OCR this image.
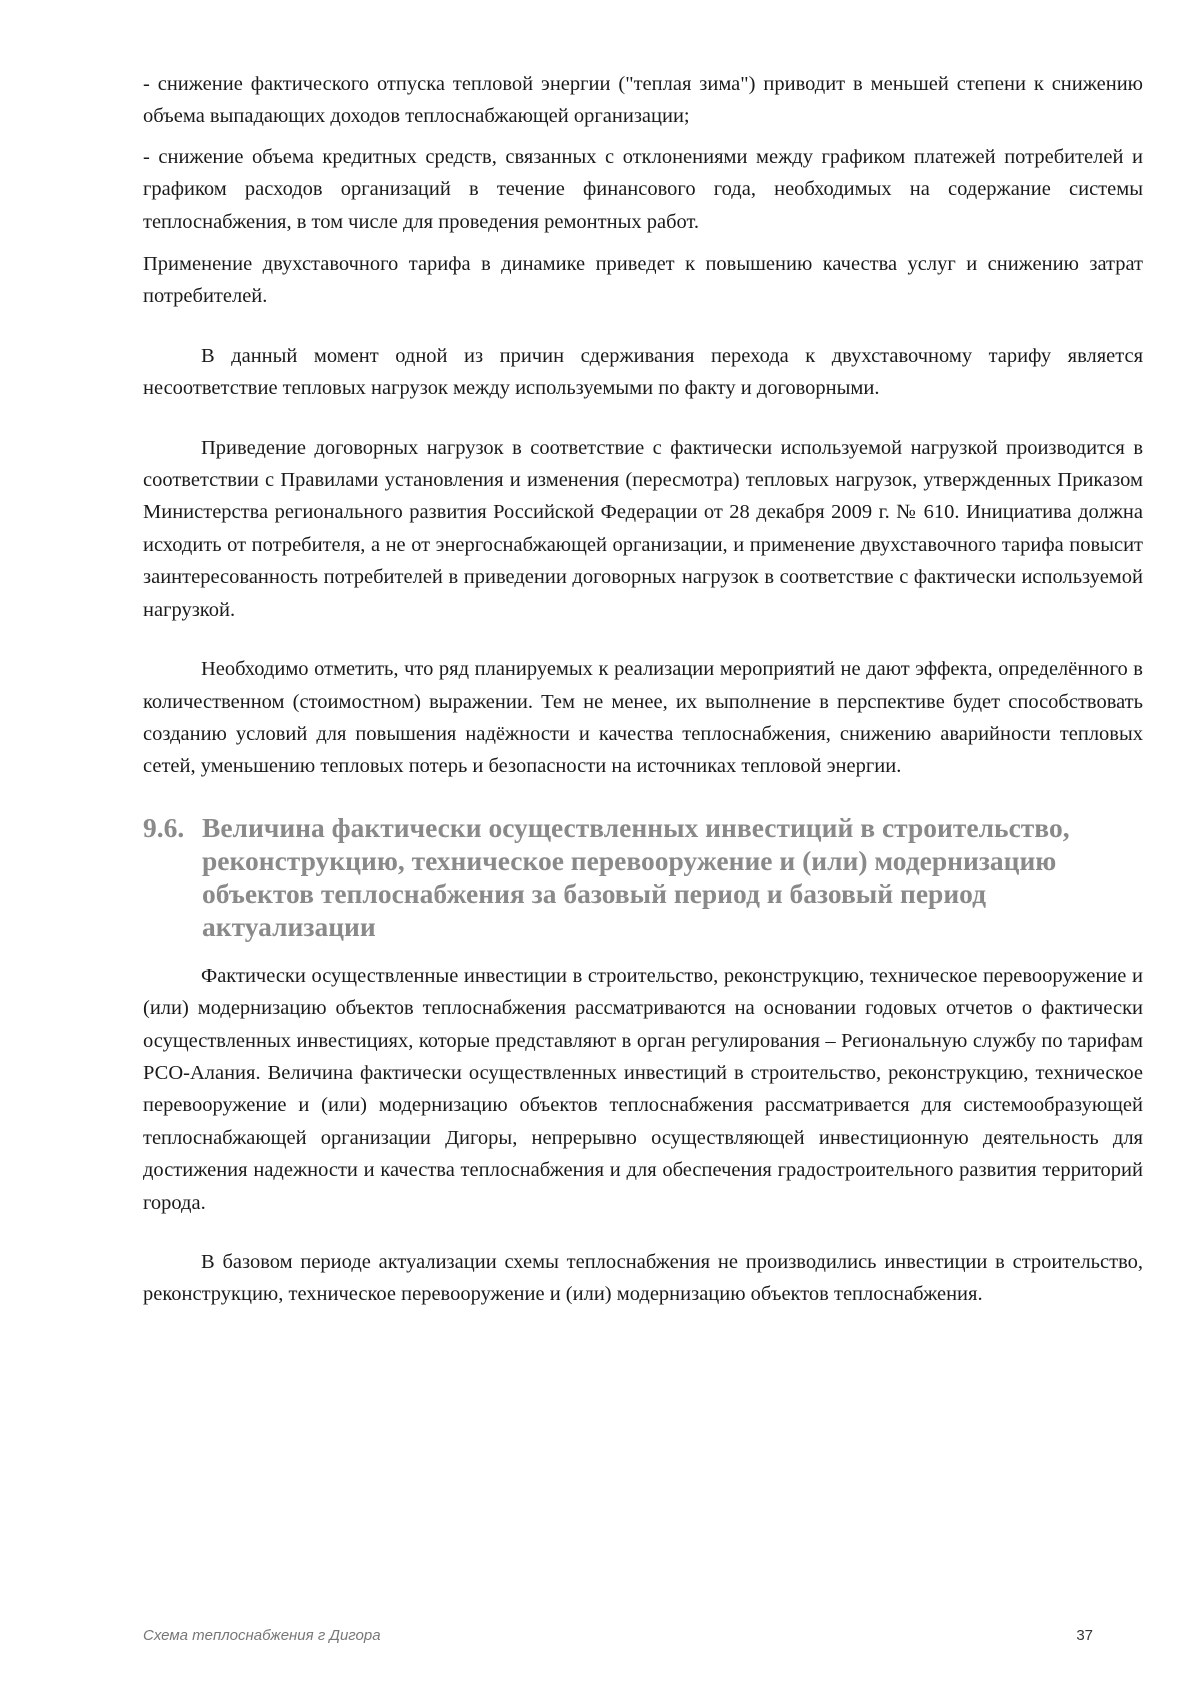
- снижение фактического отпуска тепловой энергии ("теплая зима") приводит в меньшей степени к снижению объема выпадающих доходов теплоснабжающей организации;

- снижение объема кредитных средств, связанных с отклонениями между графиком платежей потребителей и графиком расходов организаций в течение финансового года, необходимых на содержание системы теплоснабжения, в том числе для проведения ремонтных работ.

Применение двухставочного тарифа в динамике приведет к повышению качества услуг и снижению затрат потребителей.

В данный момент одной из причин сдерживания перехода к двухставочному тарифу является несоответствие тепловых нагрузок между используемыми по факту и договорными.

Приведение договорных нагрузок в соответствие с фактически используемой нагрузкой производится в соответствии с Правилами установления и изменения (пересмотра) тепловых нагрузок, утвержденных Приказом Министерства регионального развития Российской Федерации от 28 декабря 2009 г. № 610. Инициатива должна исходить от потребителя, а не от энергоснабжающей организации, и применение двухставочного тарифа повысит заинтересованность потребителей в приведении договорных нагрузок в соответствие с фактически используемой нагрузкой.

Необходимо отметить, что ряд планируемых к реализации мероприятий не дают эффекта, определённого в количественном (стоимостном) выражении. Тем не менее, их выполнение в перспективе будет способствовать созданию условий для повышения надёжности и качества теплоснабжения, снижению аварийности тепловых сетей, уменьшению тепловых потерь и безопасности на источниках тепловой энергии.

9.6. Величина фактически осуществленных инвестиций в строительство, реконструкцию, техническое перевооружение и (или) модернизацию объектов теплоснабжения за базовый период и базовый период актуализации

Фактически осуществленные инвестиции в строительство, реконструкцию, техническое перевооружение и (или) модернизацию объектов теплоснабжения рассматриваются на основании годовых отчетов о фактически осуществленных инвестициях, которые представляют в орган регулирования – Региональную службу по тарифам РСО-Алания. Величина фактически осуществленных инвестиций в строительство, реконструкцию, техническое перевооружение и (или) модернизацию объектов теплоснабжения рассматривается для системообразующей теплоснабжающей организации Дигоры, непрерывно осуществляющей инвестиционную деятельность для достижения надежности и качества теплоснабжения и для обеспечения градостроительного развития территорий города.

В базовом периоде актуализации схемы теплоснабжения не производились инвестиции в строительство, реконструкцию, техническое перевооружение и (или) модернизацию объектов теплоснабжения.

Схема теплоснабжения г Дигора	37
